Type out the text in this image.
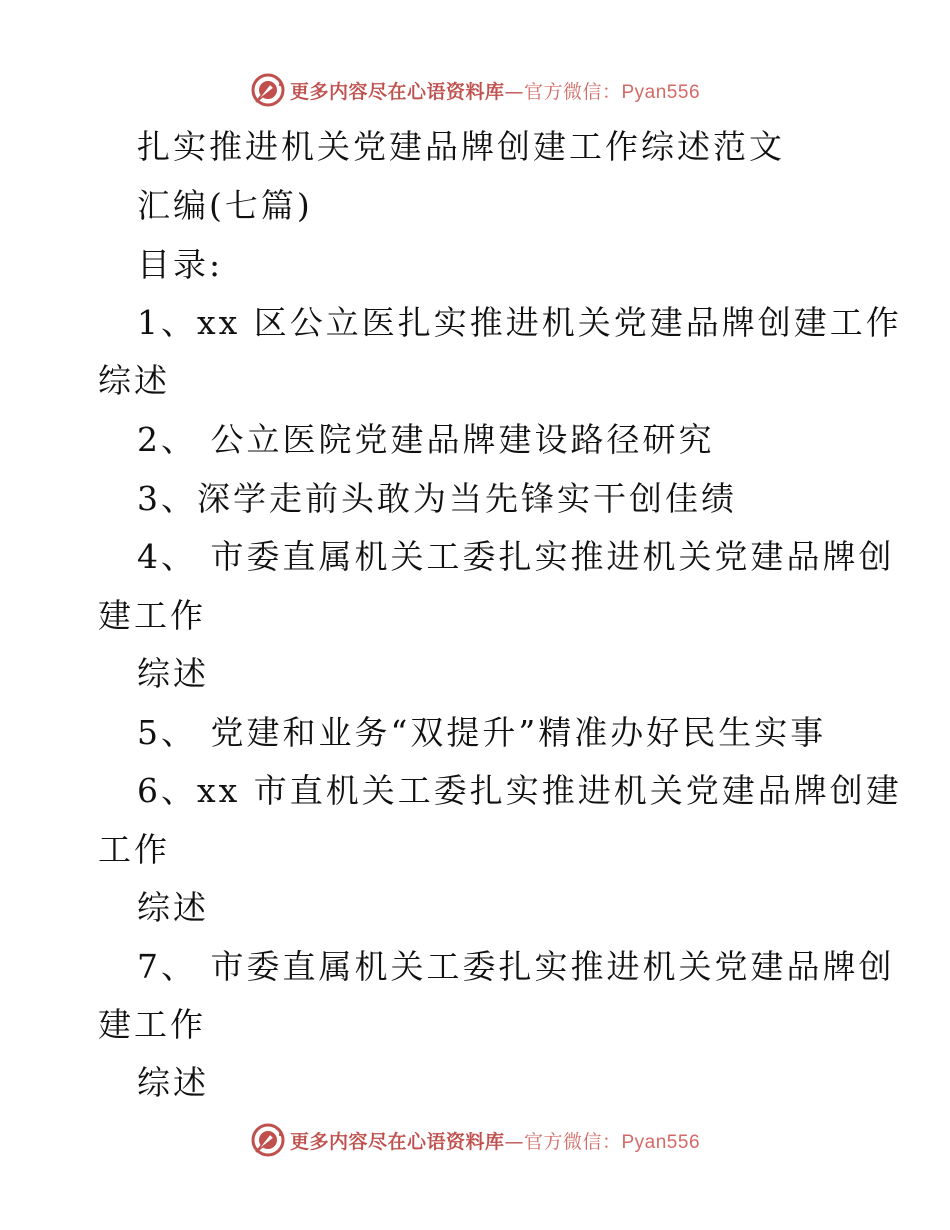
更多内容尽在心语资料库—官方微信：Pyan556
扎实推进机关党建品牌创建工作综述范文
汇编(七篇)
目录:
1、xx 区公立医扎实推进机关党建品牌创建工作
综述
2、 公立医院党建品牌建设路径研究
3、深学走前头敢为当先锋实干创佳绩
4、 市委直属机关工委扎实推进机关党建品牌创
建工作
综述
5、 党建和业务“双提升”精准办好民生实事
6、xx 市直机关工委扎实推进机关党建品牌创建
工作
综述
7、 市委直属机关工委扎实推进机关党建品牌创
建工作
综述
更多内容尽在心语资料库—官方微信：Pyan556
